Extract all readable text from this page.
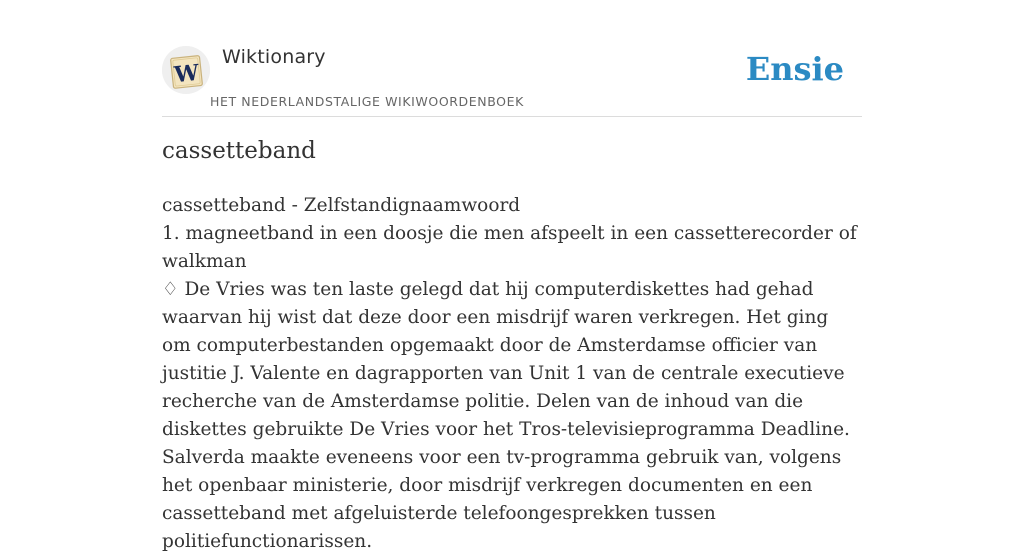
W
Wiktionary
HET NEDERLANDSTALIGE WIKIWOORDENBOEK
Ensie
cassetteband

cassetteband - Zelfstandignaamwoord

1. magneetband in een doosje die men afspeelt in een cassetterecorder of walkman

♢ De Vries was ten laste gelegd dat hij computerdiskettes had gehad waarvan hij wist dat deze door een misdrijf waren verkregen. Het ging om computerbestanden opgemaakt door de Amsterdamse officier van justitie J. Valente en dagrapporten van Unit 1 van de centrale executieve recherche van de Amsterdamse politie. Delen van de inhoud van die diskettes gebruikte De Vries voor het Tros-televisieprogramma Deadline. Salverda maakte eveneens voor een tv-programma gebruik van, volgens het openbaar ministerie, door misdrijf verkregen documenten en een cassetteband met afgeluisterde telefoongesprekken tussen politiefunctionarissen.
